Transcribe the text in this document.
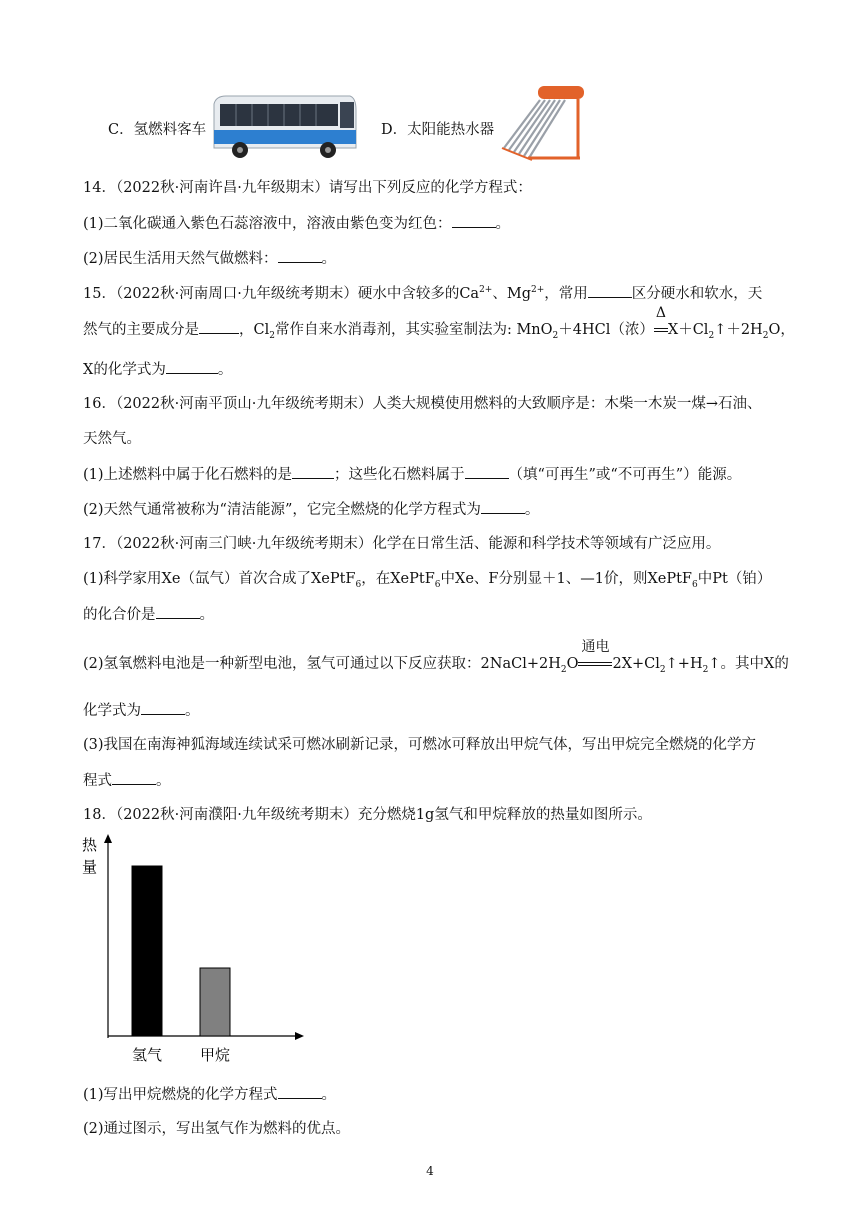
C．氢燃料客车	D．太阳能热水器
14．（2022秋·河南许昌·九年级期末）请写出下列反应的化学方程式：
(1)二氧化碳通入紫色石蕊溶液中，溶液由紫色变为红色：	。
(2)居民生活用天然气做燃料：	。
15．（2022秋·河南周口·九年级统考期末）硬水中含较多的$Ca^{2+}$、$Mg^{2+}$，常用	区分硬水和软水，天
然气的主要成分是	，$Cl_2$常作自来水消毒剂，其实验室制法为: MnO$_2$＋4HCl（浓）
Δ
$X+Cl_2↑+2H_2O$，
X的化学式为	。
16．（2022秋·河南平顶山·九年级统考期末）人类大规模使用燃料的大致顺序是：木柴一木炭一煤→石油、
天然气。
(1)上述燃料中属于化石燃料的是	；这些化石燃料属于	（填“可再生”或“不可再生”）能源。
(2)天然气通常被称为“清洁能源”，它完全燃烧的化学方程式为	。
17．（2022秋·河南三门峡·九年级统考期末）化学在日常生活、能源和科学技术等领域有广泛应用。
(1)科学家用Xe（氙气）首次合成了XePtF$_6$，在XePtF$_6$中Xe、F分别显＋1、—1价，则XePtF$_6$中Pt（铂）
的化合价是	。
(2)氢氧燃料电池是一种新型电池，氢气可通过以下反应获取：$2NaCl+2H_2O$
通电
$2X+Cl_2↑+H_2↑$。其中X的
化学式为	。
(3)我国在南海神狐海域连续试采可燃冰刷新记录，可燃冰可释放出甲烷气体，写出甲烷完全燃烧的化学方
程式	。
18．（2022秋·河南濮阳·九年级统考期末）充分燃烧1g氢气和甲烷释放的热量如图所示。
热
量
氢气	甲烷
(1)写出甲烷燃烧的化学方程式	。
(2)通过图示，写出氢气作为燃料的优点。
4
